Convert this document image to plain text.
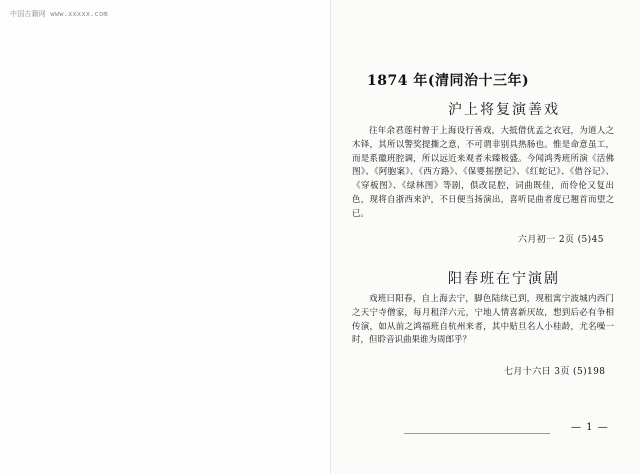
中国古籍网 www.xxxxx.com
1874 年(清同治十三年)
沪上将复演善戏
往年余君莲村曾于上海设行善戏，大抵借优孟之衣冠，为道人之木铎，其所以警奖提撕之意，不可谓非别具热肠也。惟是命意虽工，而是系徽班腔调，所以远近来观者未臻极盛。今闻鸿秀班所演《活佛图》、《阿胞案》、《西方路》、《保婴摇摆记》、《红蛇记》、《借谷记》、《穿板图》、《绿林图》等剧，俱改昆腔，词曲既佳，而伶伦又复出色，现将自浙西来沪，不日便当扬演出，喜听昆曲者度已翘首而望之已。
六月初一 2页 (5)45
阳春班在宁演剧
戏班曰阳春，自上海去宁，脚色陆续已到，现租寓宁波城内西门之天宁寺僧家，每月租洋六元，宁地人情喜新厌故，想到后必有争相传演，如从前之鸿福班自杭州来者，其中贴旦名人小桂龄，尤名噪一时，但聆音识曲果谁为周郎乎？
七月十六日 3页 (5)198
— 1 —
